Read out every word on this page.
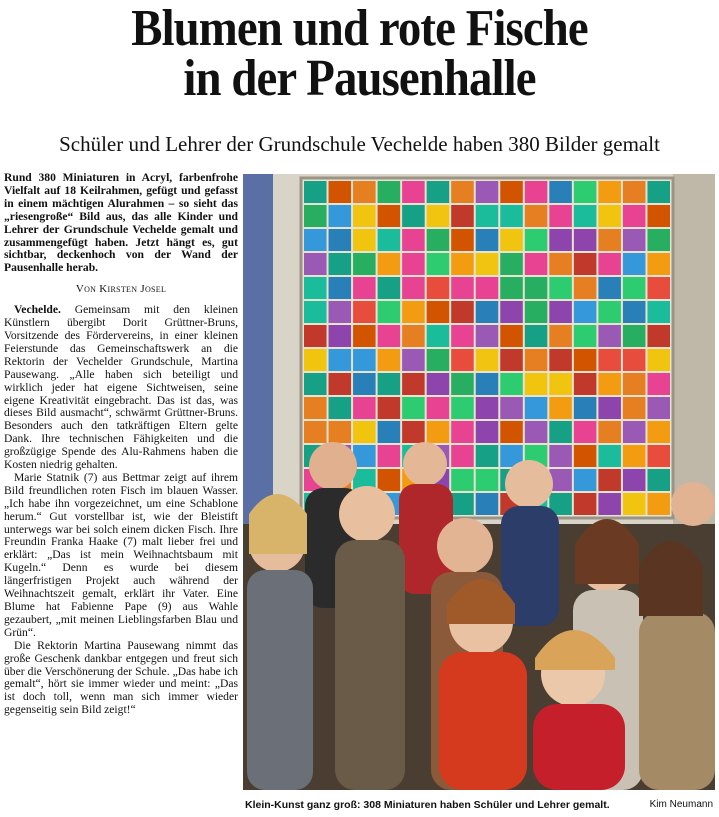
Blumen und rote Fische
in der Pausenhalle
Schüler und Lehrer der Grundschule Vechelde haben 380 Bilder gemalt

Rund 380 Miniaturen in Acryl, farbenfrohe Vielfalt auf 18 Keilrahmen, gefügt und gefasst in einem mächtigen Alurahmen – so sieht das „riesengroße“ Bild aus, das alle Kinder und Lehrer der Grundschule Vechelde gemalt und zusammengefügt haben. Jetzt hängt es, gut sichtbar, deckenhoch von der Wand der Pausenhalle herab.

Von Kirsten Josel

Vechelde. Gemeinsam mit den kleinen Künstlern übergibt Dorit Grüttner-Bruns, Vorsitzende des Fördervereins, in einer kleinen Feierstunde das Gemeinschaftswerk an die Rektorin der Vechelder Grundschule, Martina Pausewang. „Alle haben sich beteiligt und wirklich jeder hat eigene Sichtweisen, seine eigene Kreativität eingebracht. Das ist das, was dieses Bild ausmacht“, schwärmt Grüttner-Bruns. Besonders auch den tatkräftigen Eltern gelte Dank. Ihre technischen Fähigkeiten und die großzügige Spende des Alu-Rahmens haben die Kosten niedrig gehalten.

Marie Statnik (7) aus Bettmar zeigt auf ihrem Bild freundlichen roten Fisch im blauen Wasser. „Ich habe ihn vorgezeichnet, um eine Schablone herum.“ Gut vorstellbar ist, wie der Bleistift unterwegs war bei solch einem dicken Fisch. Ihre Freundin Franka Haake (7) malt lieber frei und erklärt: „Das ist mein Weihnachtsbaum mit Kugeln.“ Denn es wurde bei diesem längerfristigen Projekt auch während der Weihnachtszeit gemalt, erklärt ihr Vater. Eine Blume hat Fabienne Pape (9) aus Wahle gezaubert, „mit meinen Lieblingsfarben Blau und Grün“.

Die Rektorin Martina Pausewang nimmt das große Geschenk dankbar entgegen und freut sich über die Verschönerung der Schule. „Das habe ich gemalt“, hört sie immer wieder und meint: „Das ist doch toll, wenn man sich immer wieder gegenseitig sein Bild zeigt!“

Klein-Kunst ganz groß: 308 Miniaturen haben Schüler und Lehrer gemalt.	Kim Neumann
